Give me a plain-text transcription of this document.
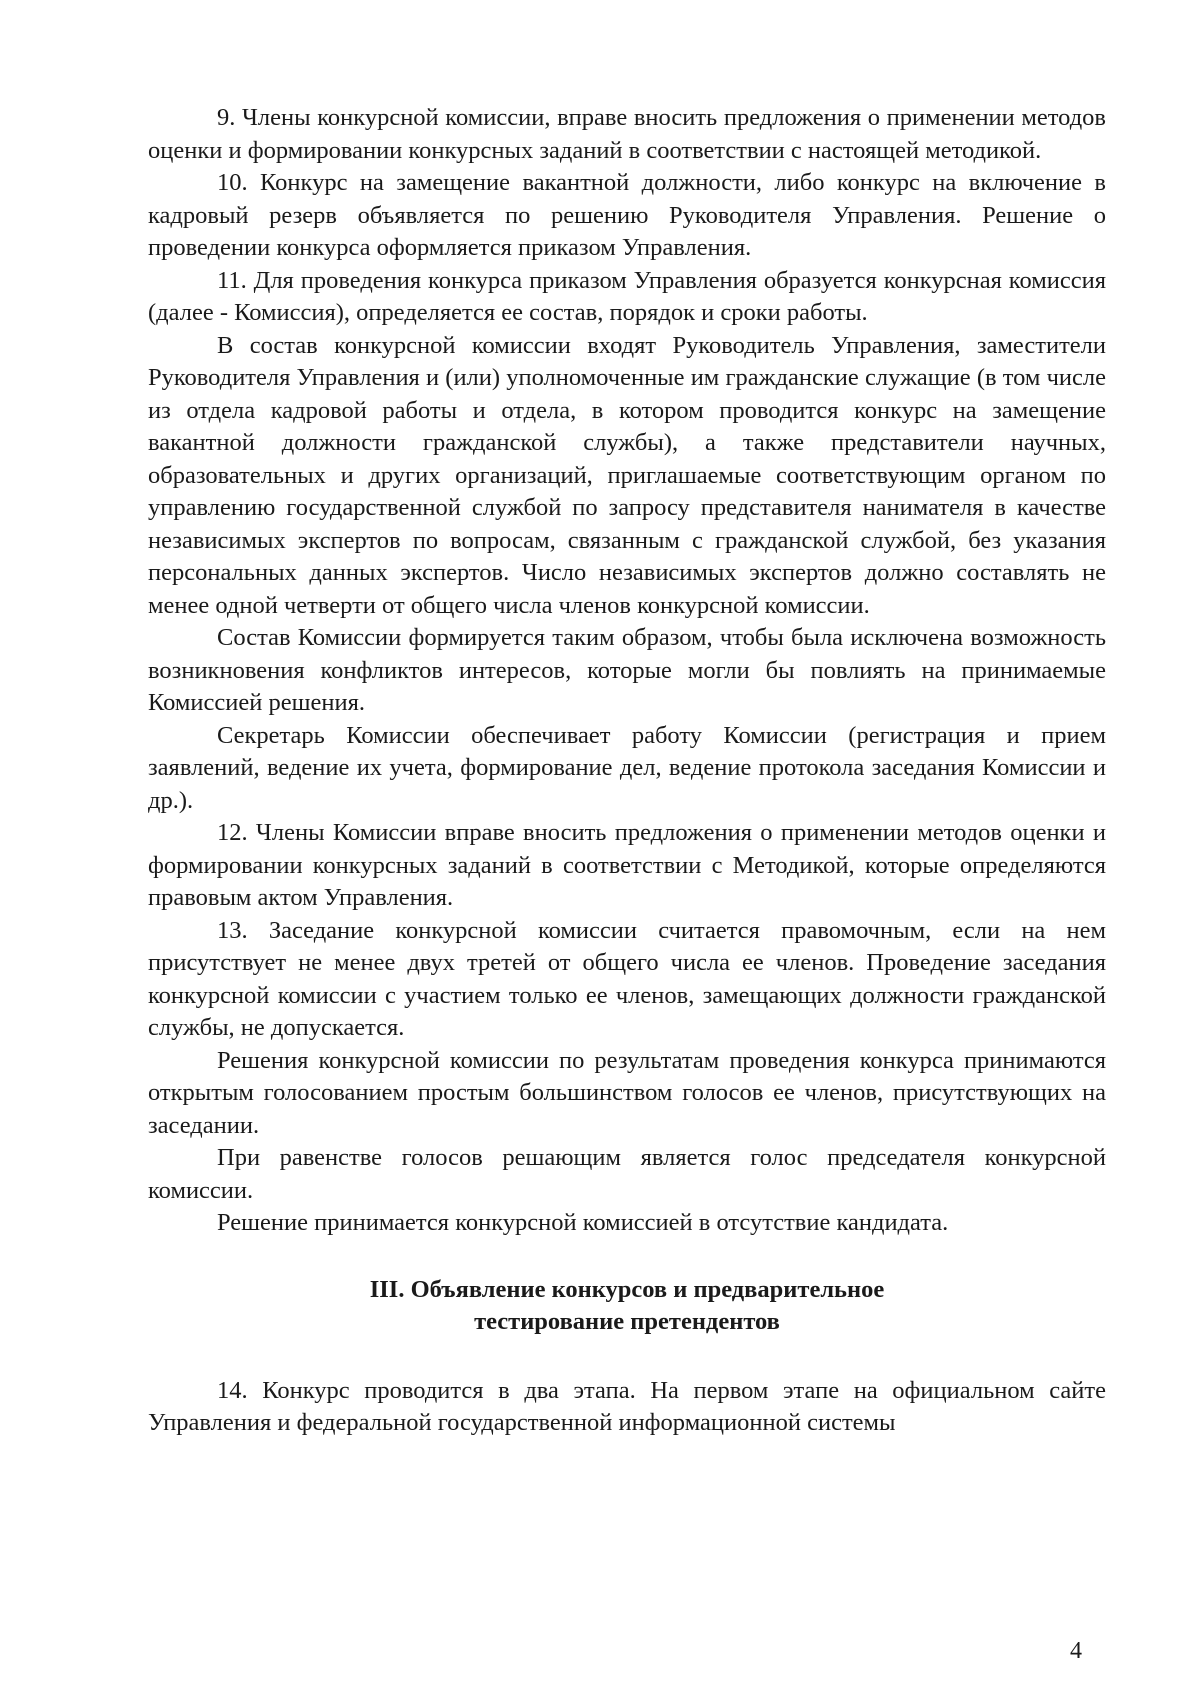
9. Члены конкурсной комиссии, вправе вносить предложения о применении методов оценки и формировании конкурсных заданий в соответствии с настоящей методикой.

10. Конкурс на замещение вакантной должности, либо конкурс на включение в кадровый резерв объявляется по решению Руководителя Управления. Решение о проведении конкурса оформляется приказом Управления.

11. Для проведения конкурса приказом Управления образуется конкурсная комиссия (далее - Комиссия), определяется ее состав, порядок и сроки работы.

В состав конкурсной комиссии входят Руководитель Управления, заместители Руководителя Управления и (или) уполномоченные им гражданские служащие (в том числе из отдела кадровой работы и отдела, в котором проводится конкурс на замещение вакантной должности гражданской службы), а также представители научных, образовательных и других организаций, приглашаемые соответствующим органом по управлению государственной службой по запросу представителя нанимателя в качестве независимых экспертов по вопросам, связанным с гражданской службой, без указания персональных данных экспертов. Число независимых экспертов должно составлять не менее одной четверти от общего числа членов конкурсной комиссии.

Состав Комиссии формируется таким образом, чтобы была исключена возможность возникновения конфликтов интересов, которые могли бы повлиять на принимаемые Комиссией решения.

Секретарь Комиссии обеспечивает работу Комиссии (регистрация и прием заявлений, ведение их учета, формирование дел, ведение протокола заседания Комиссии и др.).

12. Члены Комиссии вправе вносить предложения о применении методов оценки и формировании конкурсных заданий в соответствии с Методикой, которые определяются правовым актом Управления.

13. Заседание конкурсной комиссии считается правомочным, если на нем присутствует не менее двух третей от общего числа ее членов. Проведение заседания конкурсной комиссии с участием только ее членов, замещающих должности гражданской службы, не допускается.

Решения конкурсной комиссии по результатам проведения конкурса принимаются открытым голосованием простым большинством голосов ее членов, присутствующих на заседании.

При равенстве голосов решающим является голос председателя конкурсной комиссии.

Решение принимается конкурсной комиссией в отсутствие кандидата.

III. Объявление конкурсов и предварительное
тестирование претендентов

14. Конкурс проводится в два этапа. На первом этапе на официальном сайте Управления и федеральной государственной информационной системы

4
